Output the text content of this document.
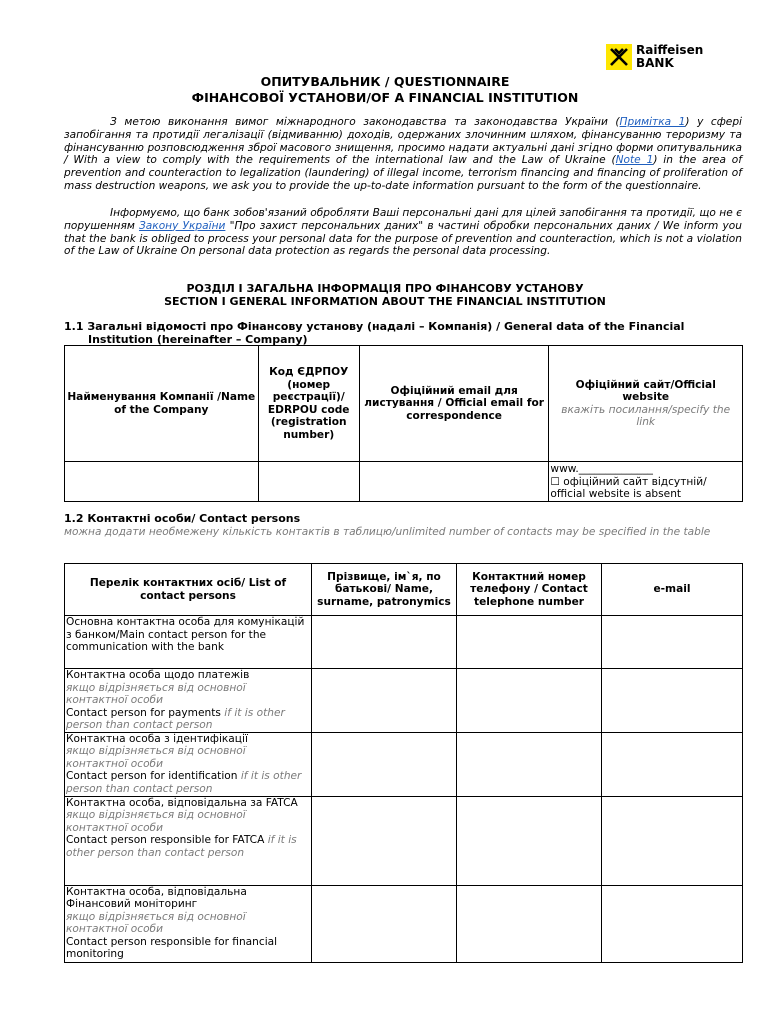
Raiffeisen
BANK
ОПИТУВАЛЬНИК / QUESTIONNAIRE
ФІНАНСОВОЇ УСТАНОВИ/OF A FINANCIAL INSTITUTION
З метою виконання вимог міжнародного законодавства та законодавства України (Примітка 1) у сфері запобігання та протидії легалізації (відмиванню) доходів, одержаних злочинним шляхом, фінансуванню тероризму та фінансуванню розповсюдження зброї масового знищення, просимо надати актуальні дані згідно форми опитувальника / With a view to comply with the requirements of the international law and the Law of Ukraine (Note 1) in the area of prevention and counteraction to legalization (laundering) of illegal income, terrorism financing and financing of proliferation of mass destruction weapons, we ask you to provide the up-to-date information pursuant to the form of the questionnaire.
Інформуємо, що банк зобов'язаний обробляти Ваші персональні дані для цілей запобігання та протидії, що не є порушенням Закону України "Про захист персональних даних" в частині обробки персональних даних / We inform you that the bank is obliged to process your personal data for the purpose of prevention and counteraction, which is not a violation of the Law of Ukraine On personal data protection as regards the personal data processing.
РОЗДІЛ І ЗАГАЛЬНА ІНФОРМАЦІЯ ПРО ФІНАНСОВУ УСТАНОВУ
SECTION I GENERAL INFORMATION ABOUT THE FINANCIAL INSTITUTION
1.1 Загальні відомості про Фінансову установу (надалі – Компанія) / General data of the Financial
Institution (hereinafter – Company)
Найменування Компанії /Name of the Company	Код ЄДРПОУ (номер реєстрації)/ EDRPOU code (registration number)	Офіційний email для листування / Official email for correspondence	Офіційний сайт/Official website
вкажіть посилання/specify the link

			www.______________
☐ офіційний сайт відсутній/ official website is absent
1.2 Контактні особи/ Contact persons
можна додати необмежену кількість контактів в таблицю/unlimited number of contacts may be specified in the table
Перелік контактних осіб/ List of contact persons	Прізвище, ім`я, по батькові/ Name, surname, patronymics	Контактний номер телефону / Contact telephone number	e-mail
Основна контактна особа для комунікацій з банком/Main contact person for the communication with the bank			

Контактна особа щодо платежів
якщо відрізняється від основної контактної особи
Contact person for payments if it is other person than contact person			

Контактна особа з ідентифікації
якщо відрізняється від основної контактної особи
Contact person for identification if it is other person than contact person			

Контактна особа, відповідальна за FATCA
якщо відрізняється від основної контактної особи
Contact person responsible for FATCA if it is other person than contact person			

Контактна особа, відповідальна Фінансовий моніторинг
якщо відрізняється від основної контактної особи
Contact person responsible for financial monitoring			
